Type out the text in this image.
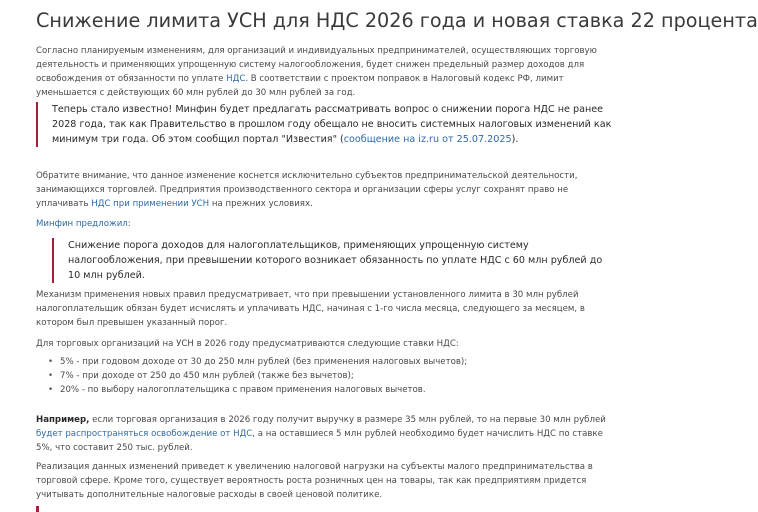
Снижение лимита УСН для НДС 2026 года и новая ставка 22 процента
Согласно планируемым изменениям, для организаций и индивидуальных предпринимателей, осуществляющих торговую деятельность и применяющих упрощенную систему налогообложения, будет снижен предельный размер доходов для освобождения от обязанности по уплате НДС. В соответствии с проектом поправок в Налоговый кодекс РФ, лимит уменьшается с действующих 60 млн рублей до 30 млн рублей за год.
Теперь стало известно! Минфин будет предлагать рассматривать вопрос о снижении порога НДС не ранее 2028 года, так как Правительство в прошлом году обещало не вносить системных налоговых изменений как минимум три года. Об этом сообщил портал "Известия" (сообщение на iz.ru от 25.07.2025).
Обратите внимание, что данное изменение коснется исключительно субъектов предпринимательской деятельности, занимающихся торговлей. Предприятия производственного сектора и организации сферы услуг сохранят право не уплачивать НДС при применении УСН на прежних условиях.
Минфин предложил:
Снижение порога доходов для налогоплательщиков, применяющих упрощенную систему налогообложения, при превышении которого возникает обязанность по уплате НДС с 60 млн рублей до 10 млн рублей.
Механизм применения новых правил предусматривает, что при превышении установленного лимита в 30 млн рублей налогоплательщик обязан будет исчислять и уплачивать НДС, начиная с 1-го числа месяца, следующего за месяцем, в котором был превышен указанный порог.
Для торговых организаций на УСН в 2026 году предусматриваются следующие ставки НДС:
• 5% - при годовом доходе от 30 до 250 млн рублей (без применения налоговых вычетов);
• 7% - при доходе от 250 до 450 млн рублей (также без вычетов);
• 20% - по выбору налогоплательщика с правом применения налоговых вычетов.
Например, если торговая организация в 2026 году получит выручку в размере 35 млн рублей, то на первые 30 млн рублей будет распространяться освобождение от НДС, а на оставшиеся 5 млн рублей необходимо будет начислить НДС по ставке 5%, что составит 250 тыс. рублей.
Реализация данных изменений приведет к увеличению налоговой нагрузки на субъекты малого предпринимательства в торговой сфере. Кроме того, существует вероятность роста розничных цен на товары, так как предприятиям придется учитывать дополнительные налоговые расходы в своей ценовой политике.
